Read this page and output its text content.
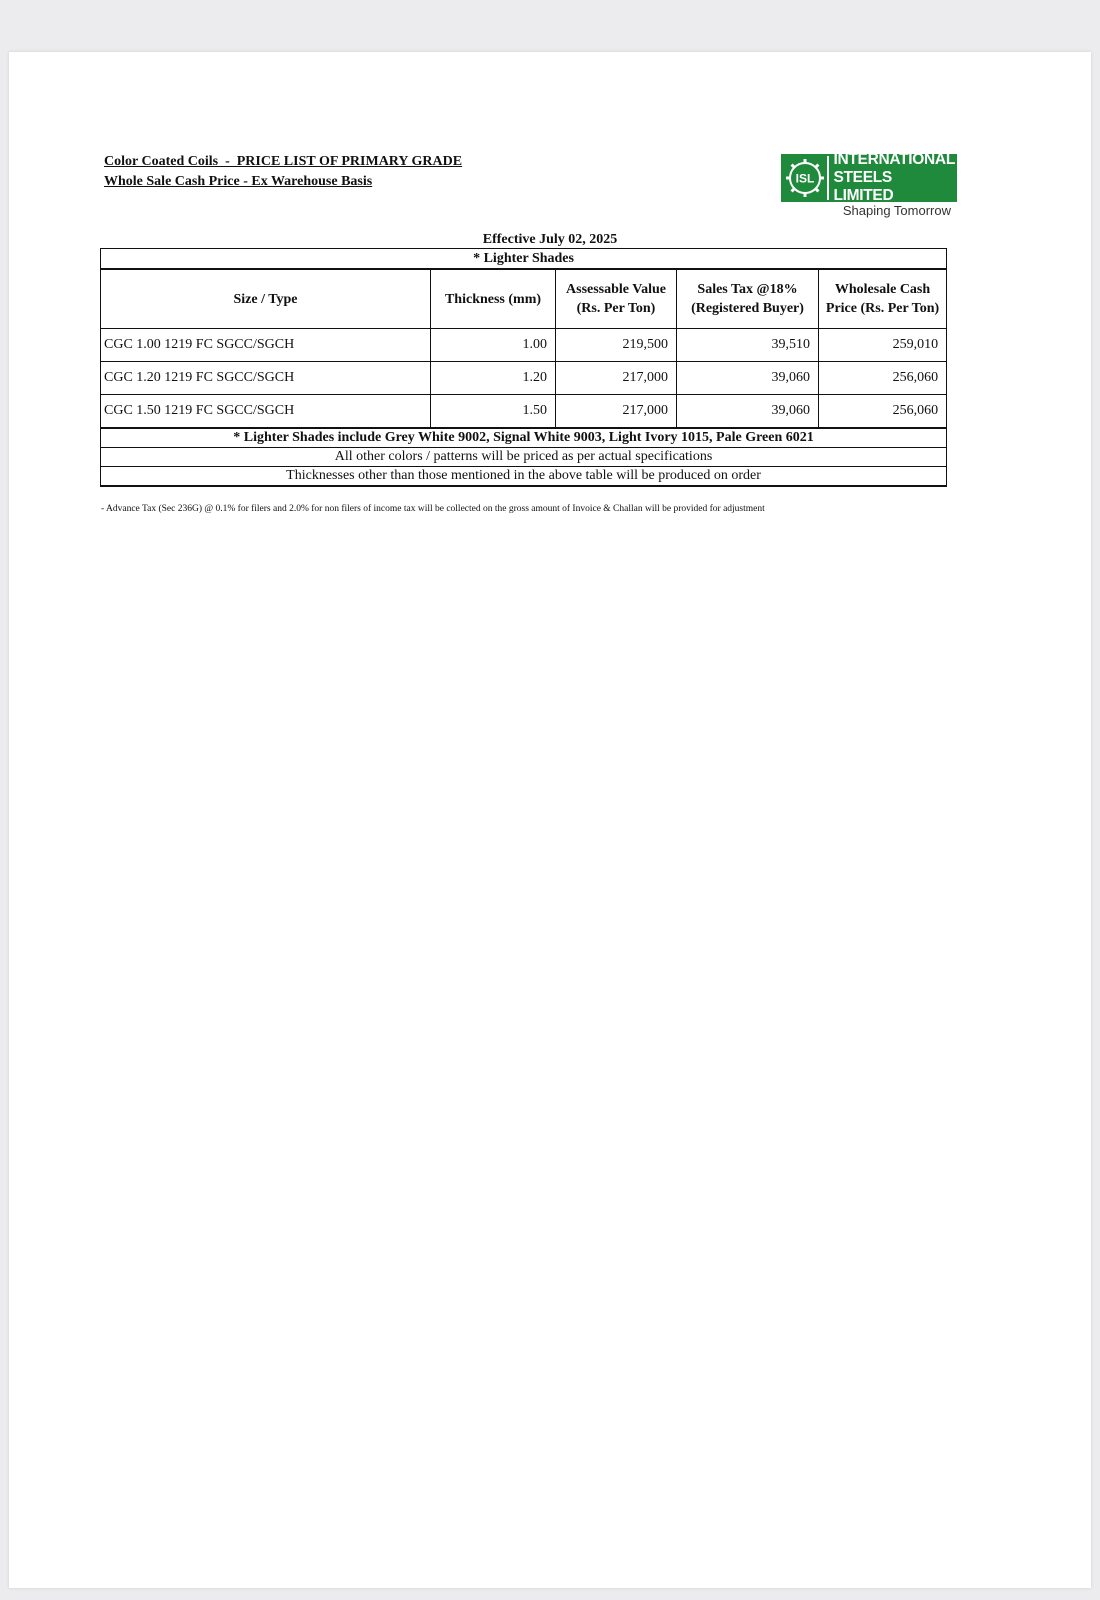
Color Coated Coils  -  PRICE LIST OF PRIMARY GRADE
Whole Sale Cash Price - Ex Warehouse Basis	ISL
INTERNATIONAL
STEELS LIMITED
Shaping Tomorrow
Effective July 02, 2025
* Lighter Shades				
Size / Type	Thickness (mm)	Assessable Value (Rs. Per Ton)	Sales Tax @18% (Registered Buyer)	Wholesale Cash Price (Rs. Per Ton)
CGC 1.00 1219 FC SGCC/SGCH	1.00	219,500	39,510	259,010
CGC 1.20 1219 FC SGCC/SGCH	1.20	217,000	39,060	256,060
CGC 1.50 1219 FC SGCC/SGCH	1.50	217,000	39,060	256,060
* Lighter Shades include Grey White 9002, Signal White 9003, Light Ivory 1015, Pale Green 6021				
All other colors / patterns will be priced as per actual specifications				
Thicknesses other than those mentioned in the above table will be produced on order				
- Advance Tax (Sec 236G) @ 0.1% for filers and 2.0% for non filers of income tax will be collected on the gross amount of Invoice & Challan will be provided for adjustment
